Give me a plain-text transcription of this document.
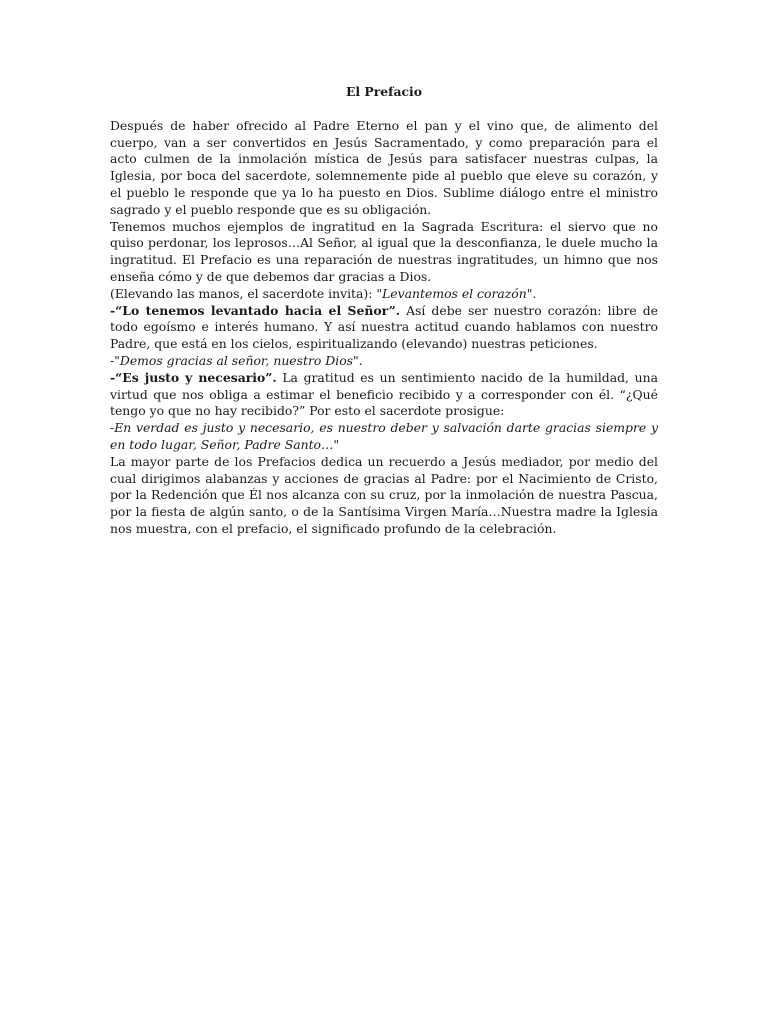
El Prefacio

Después de haber ofrecido al Padre Eterno el pan y el vino que, de alimento del cuerpo, van a ser convertidos en Jesús Sacramentado, y como preparación para el acto culmen de la inmolación mística de Jesús para satisfacer nuestras culpas, la Iglesia, por boca del sacerdote, solemnemente pide al pueblo que eleve su corazón, y el pueblo le responde que ya lo ha puesto en Dios. Sublime diálogo entre el ministro sagrado y el pueblo responde que es su obligación.

Tenemos muchos ejemplos de ingratitud en la Sagrada Escritura: el siervo que no quiso perdonar, los leprosos…Al Señor, al igual que la desconfianza, le duele mucho la ingratitud. El Prefacio es una reparación de nuestras ingratitudes, un himno que nos enseña cómo y de que debemos dar gracias a Dios.

(Elevando las manos, el sacerdote invita): "Levantemos el corazón".

-“Lo tenemos levantado hacia el Señor”. Así debe ser nuestro corazón: libre de todo egoísmo e interés humano. Y así nuestra actitud cuando hablamos con nuestro Padre, que está en los cielos, espiritualizando (elevando) nuestras peticiones.

-"Demos gracias al señor, nuestro Dios".

-“Es justo y necesario”. La gratitud es un sentimiento nacido de la humildad, una virtud que nos obliga a estimar el beneficio recibido y a corresponder con él. “¿Qué tengo yo que no hay recibido?” Por esto el sacerdote prosigue:

-En verdad es justo y necesario, es nuestro deber y salvación darte gracias siempre y en todo lugar, Señor, Padre Santo…"

La mayor parte de los Prefacios dedica un recuerdo a Jesús mediador, por medio del cual dirigimos alabanzas y acciones de gracias al Padre: por el Nacimiento de Cristo, por la Redención que Él nos alcanza con su cruz, por la inmolación de nuestra Pascua, por la fiesta de algún santo, o de la Santísima Virgen María…Nuestra madre la Iglesia nos muestra, con el prefacio, el significado profundo de la celebración.
